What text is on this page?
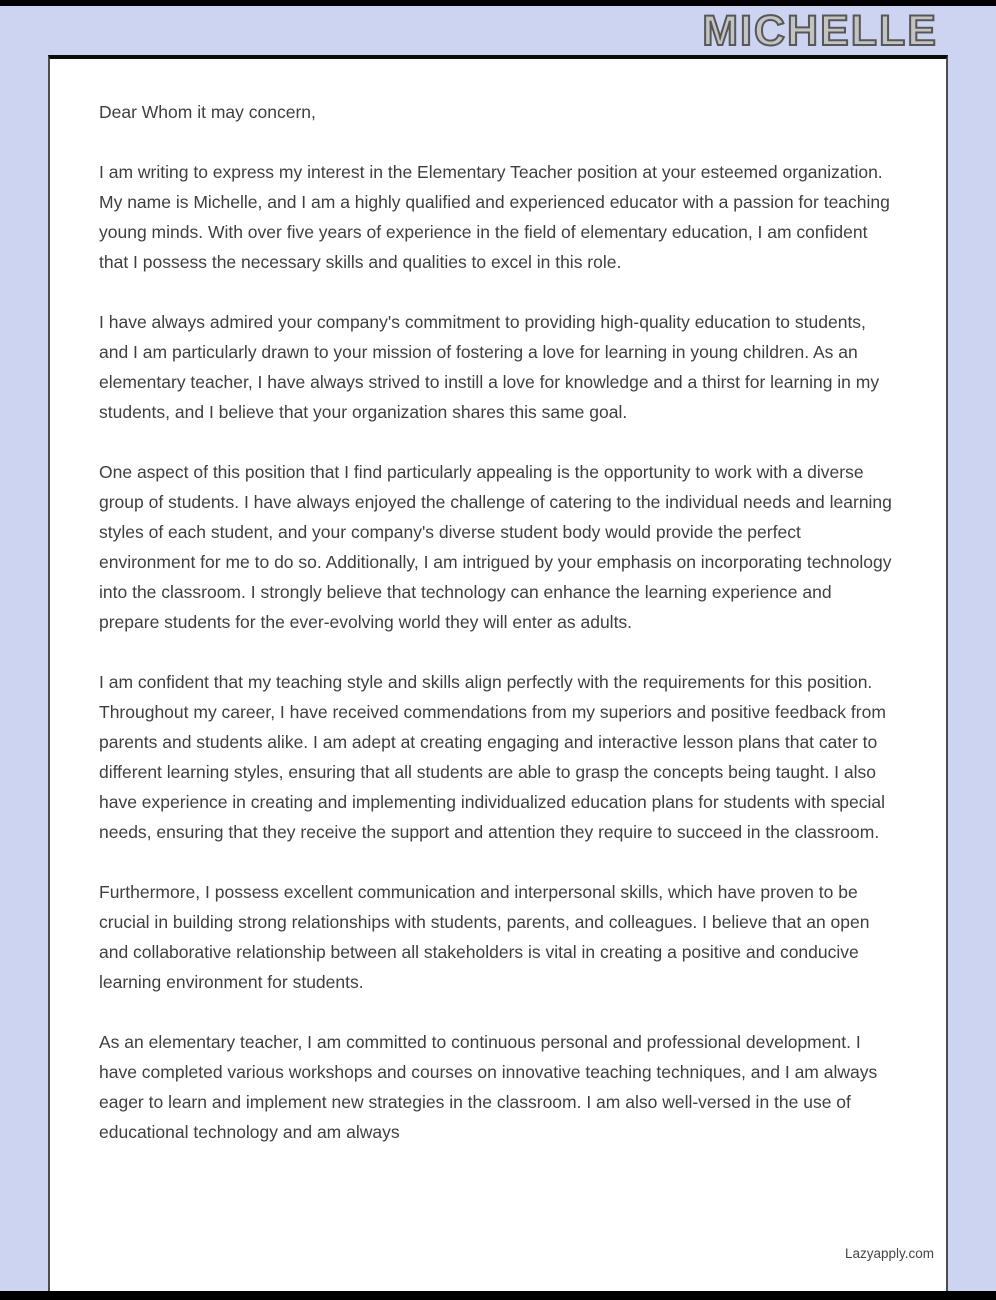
MICHELLE

Dear Whom it may concern,

I am writing to express my interest in the Elementary Teacher position at your esteemed organization. My name is Michelle, and I am a highly qualified and experienced educator with a passion for teaching young minds. With over five years of experience in the field of elementary education, I am confident that I possess the necessary skills and qualities to excel in this role.

I have always admired your company's commitment to providing high-quality education to students, and I am particularly drawn to your mission of fostering a love for learning in young children. As an elementary teacher, I have always strived to instill a love for knowledge and a thirst for learning in my students, and I believe that your organization shares this same goal.

One aspect of this position that I find particularly appealing is the opportunity to work with a diverse group of students. I have always enjoyed the challenge of catering to the individual needs and learning styles of each student, and your company's diverse student body would provide the perfect environment for me to do so. Additionally, I am intrigued by your emphasis on incorporating technology into the classroom. I strongly believe that technology can enhance the learning experience and prepare students for the ever-evolving world they will enter as adults.

I am confident that my teaching style and skills align perfectly with the requirements for this position. Throughout my career, I have received commendations from my superiors and positive feedback from parents and students alike. I am adept at creating engaging and interactive lesson plans that cater to different learning styles, ensuring that all students are able to grasp the concepts being taught. I also have experience in creating and implementing individualized education plans for students with special needs, ensuring that they receive the support and attention they require to succeed in the classroom.

Furthermore, I possess excellent communication and interpersonal skills, which have proven to be crucial in building strong relationships with students, parents, and colleagues. I believe that an open and collaborative relationship between all stakeholders is vital in creating a positive and conducive learning environment for students.

As an elementary teacher, I am committed to continuous personal and professional development. I have completed various workshops and courses on innovative teaching techniques, and I am always eager to learn and implement new strategies in the classroom. I am also well-versed in the use of educational technology and am always

Lazyapply.com
